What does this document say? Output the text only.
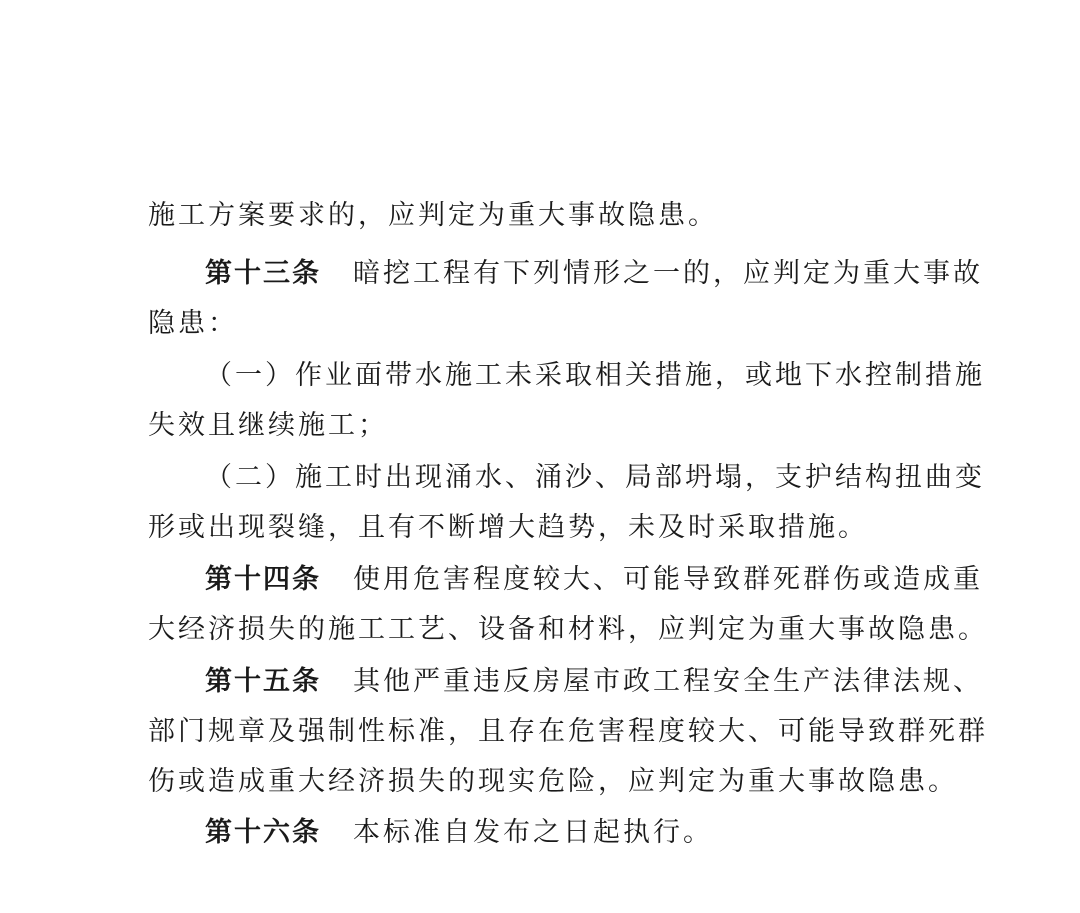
施工方案要求的，应判定为重大事故隐患。
第十三条 暗挖工程有下列情形之一的，应判定为重大事故
隐患：
（一）作业面带水施工未采取相关措施，或地下水控制措施
失效且继续施工；
（二）施工时出现涌水、涌沙、局部坍塌，支护结构扭曲变
形或出现裂缝，且有不断增大趋势，未及时采取措施。
第十四条 使用危害程度较大、可能导致群死群伤或造成重
大经济损失的施工工艺、设备和材料，应判定为重大事故隐患。
第十五条 其他严重违反房屋市政工程安全生产法律法规、
部门规章及强制性标准，且存在危害程度较大、可能导致群死群
伤或造成重大经济损失的现实危险，应判定为重大事故隐患。
第十六条 本标准自发布之日起执行。
